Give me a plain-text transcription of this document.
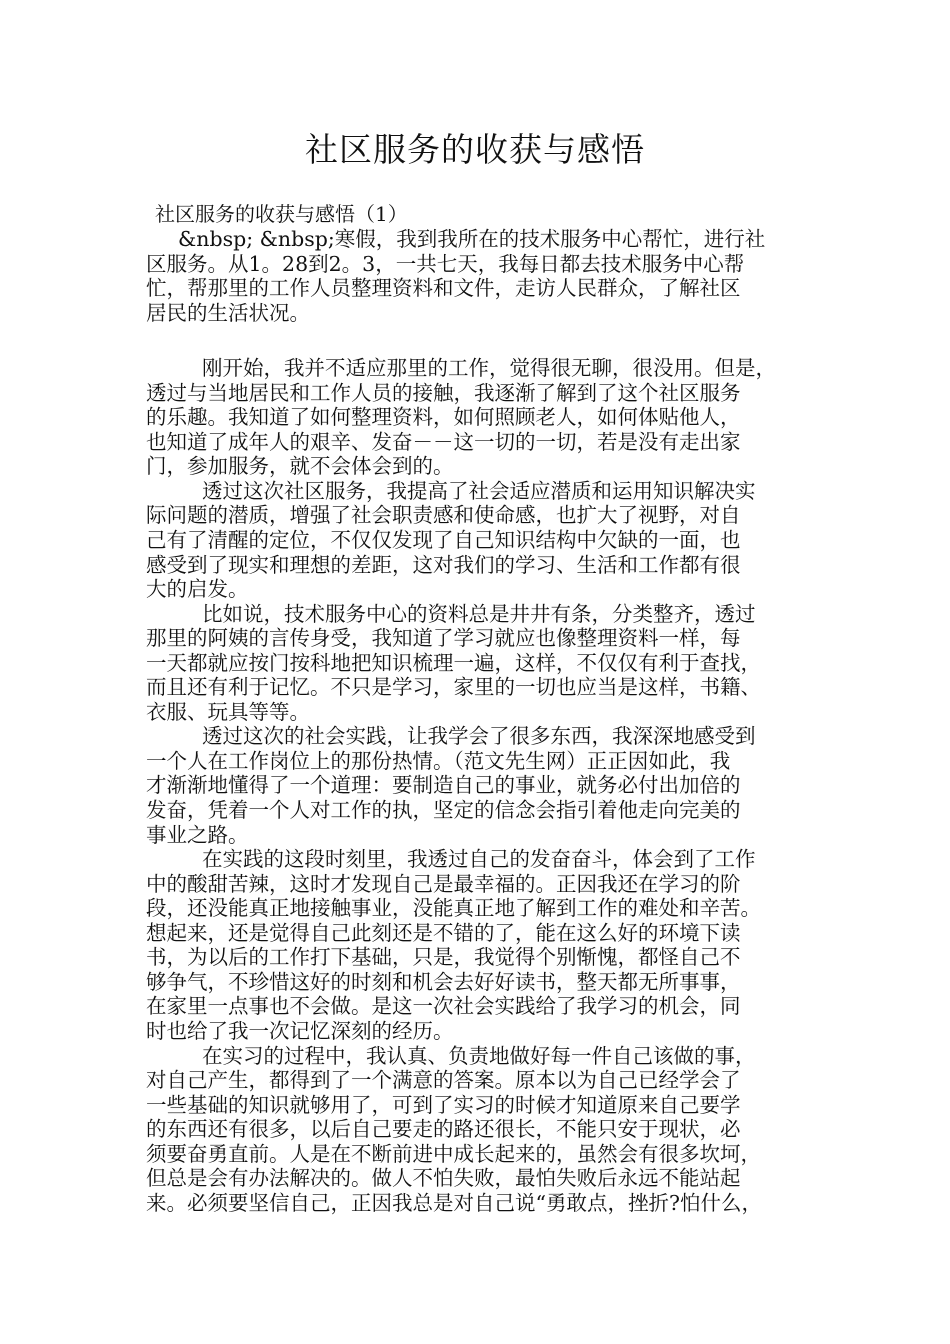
社区服务的收获与感悟
社区服务的收获与感悟（1）
&nbsp; &nbsp;寒假，我到我所在的技术服务中心帮忙，进行社
区服务。从1。28到2。3，一共七天，我每日都去技术服务中心帮
忙，帮那里的工作人员整理资料和文件，走访人民群众，了解社区
居民的生活状况。
刚开始，我并不适应那里的工作，觉得很无聊，很没用。但是，
透过与当地居民和工作人员的接触，我逐渐了解到了这个社区服务
的乐趣。我知道了如何整理资料，如何照顾老人，如何体贴他人，
也知道了成年人的艰辛、发奋－－这一切的一切，若是没有走出家
门，参加服务，就不会体会到的。
透过这次社区服务，我提高了社会适应潜质和运用知识解决实
际问题的潜质，增强了社会职责感和使命感，也扩大了视野，对自
己有了清醒的定位，不仅仅发现了自己知识结构中欠缺的一面，也
感受到了现实和理想的差距，这对我们的学习、生活和工作都有很
大的启发。
比如说，技术服务中心的资料总是井井有条，分类整齐，透过
那里的阿姨的言传身受，我知道了学习就应也像整理资料一样，每
一天都就应按门按科地把知识梳理一遍，这样，不仅仅有利于查找，
而且还有利于记忆。不只是学习，家里的一切也应当是这样，书籍、
衣服、玩具等等。
透过这次的社会实践，让我学会了很多东西，我深深地感受到
一个人在工作岗位上的那份热情。（范文先生网）正正因如此，我
才渐渐地懂得了一个道理：要制造自己的事业，就务必付出加倍的
发奋，凭着一个人对工作的执，坚定的信念会指引着他走向完美的
事业之路。
在实践的这段时刻里，我透过自己的发奋奋斗，体会到了工作
中的酸甜苦辣，这时才发现自己是最幸福的。正因我还在学习的阶
段，还没能真正地接触事业，没能真正地了解到工作的难处和辛苦。
想起来，还是觉得自己此刻还是不错的了，能在这么好的环境下读
书，为以后的工作打下基础，只是，我觉得个别惭愧，都怪自己不
够争气，不珍惜这好的时刻和机会去好好读书，整天都无所事事，
在家里一点事也不会做。是这一次社会实践给了我学习的机会，同
时也给了我一次记忆深刻的经历。
在实习的过程中，我认真、负责地做好每一件自己该做的事，
对自己产生，都得到了一个满意的答案。原本以为自己已经学会了
一些基础的知识就够用了，可到了实习的时候才知道原来自己要学
的东西还有很多，以后自己要走的路还很长，不能只安于现状，必
须要奋勇直前。人是在不断前进中成长起来的，虽然会有很多坎坷，
但总是会有办法解决的。做人不怕失败，最怕失败后永远不能站起
来。必须要坚信自己，正因我总是对自己说“勇敢点，挫折?怕什么，
